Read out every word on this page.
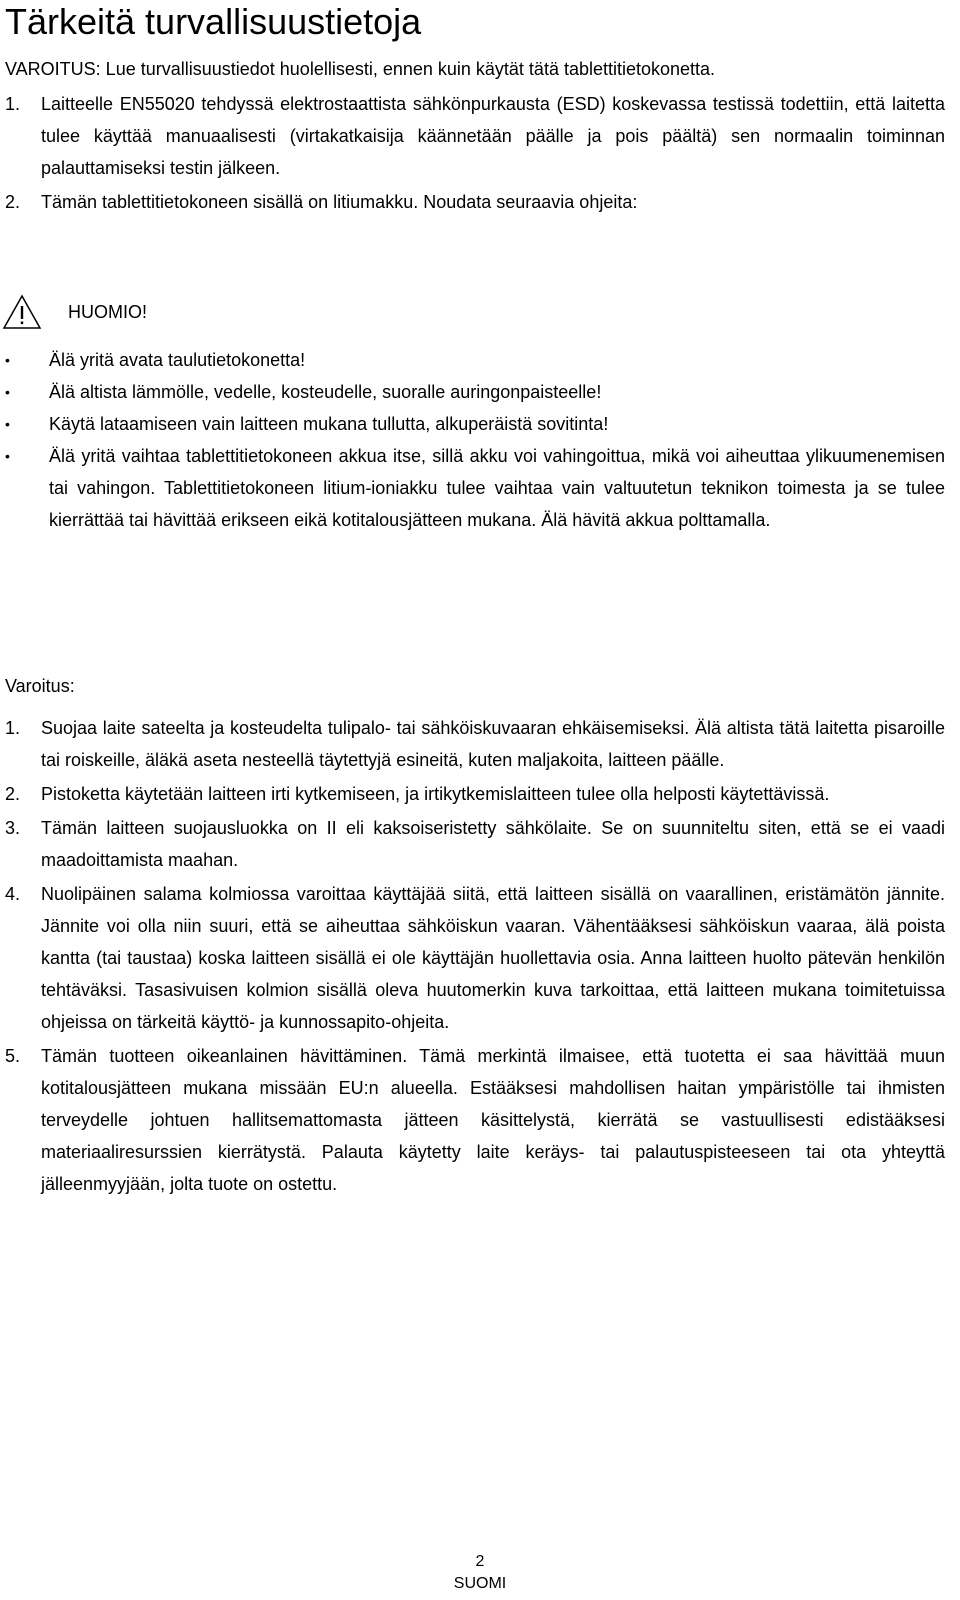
Tärkeitä turvallisuustietoja
VAROITUS: Lue turvallisuustiedot huolellisesti, ennen kuin käytät tätä tablettitietokonetta.
1.	Laitteelle EN55020 tehdyssä elektrostaattista sähkönpurkausta (ESD) koskevassa testissä todettiin, että laitetta tulee käyttää manuaalisesti (virtakatkaisija käännetään päälle ja pois päältä) sen normaalin toiminnan palauttamiseksi testin jälkeen.
2.	Tämän tablettitietokoneen sisällä on litiumakku. Noudata seuraavia ohjeita:
HUOMIO!
•	Älä yritä avata taulutietokonetta!
•	Älä altista lämmölle, vedelle, kosteudelle, suoralle auringonpaisteelle!
•	Käytä lataamiseen vain laitteen mukana tullutta, alkuperäistä sovitinta!
•	Älä yritä vaihtaa tablettitietokoneen akkua itse, sillä akku voi vahingoittua, mikä voi aiheuttaa ylikuumenemisen tai vahingon. Tablettitietokoneen litium-ioniakku tulee vaihtaa vain valtuutetun teknikon toimesta ja se tulee kierrättää tai hävittää erikseen eikä kotitalousjätteen mukana. Älä hävitä akkua polttamalla.
Varoitus:
1.	Suojaa laite sateelta ja kosteudelta tulipalo- tai sähköiskuvaaran ehkäisemiseksi. Älä altista tätä laitetta pisaroille tai roiskeille, äläkä aseta nesteellä täytettyjä esineitä, kuten maljakoita, laitteen päälle.
2.	Pistoketta käytetään laitteen irti kytkemiseen, ja irtikytkemislaitteen tulee olla helposti käytettävissä.
3.	Tämän laitteen suojausluokka on II eli kaksoiseristetty sähkölaite. Se on suunniteltu siten, että se ei vaadi maadoittamista maahan.
4.	Nuolipäinen salama kolmiossa varoittaa käyttäjää siitä, että laitteen sisällä on vaarallinen, eristämätön jännite. Jännite voi olla niin suuri, että se aiheuttaa sähköiskun vaaran. Vähentääksesi sähköiskun vaaraa, älä poista kantta (tai taustaa) koska laitteen sisällä ei ole käyttäjän huollettavia osia. Anna laitteen huolto pätevän henkilön tehtäväksi. Tasasivuisen kolmion sisällä oleva huutomerkin kuva tarkoittaa, että laitteen mukana toimitetuissa ohjeissa on tärkeitä käyttö- ja kunnossapito-ohjeita.
5.	Tämän tuotteen oikeanlainen hävittäminen. Tämä merkintä ilmaisee, että tuotetta ei saa hävittää muun kotitalousjätteen mukana missään EU:n alueella. Estääksesi mahdollisen haitan ympäristölle tai ihmisten terveydelle johtuen hallitsemattomasta jätteen käsittelystä, kierrätä se vastuullisesti edistääksesi materiaaliresurssien kierrätystä. Palauta käytetty laite keräys- tai palautuspisteeseen tai ota yhteyttä jälleenmyyjään, jolta tuote on ostettu.
2
SUOMI
